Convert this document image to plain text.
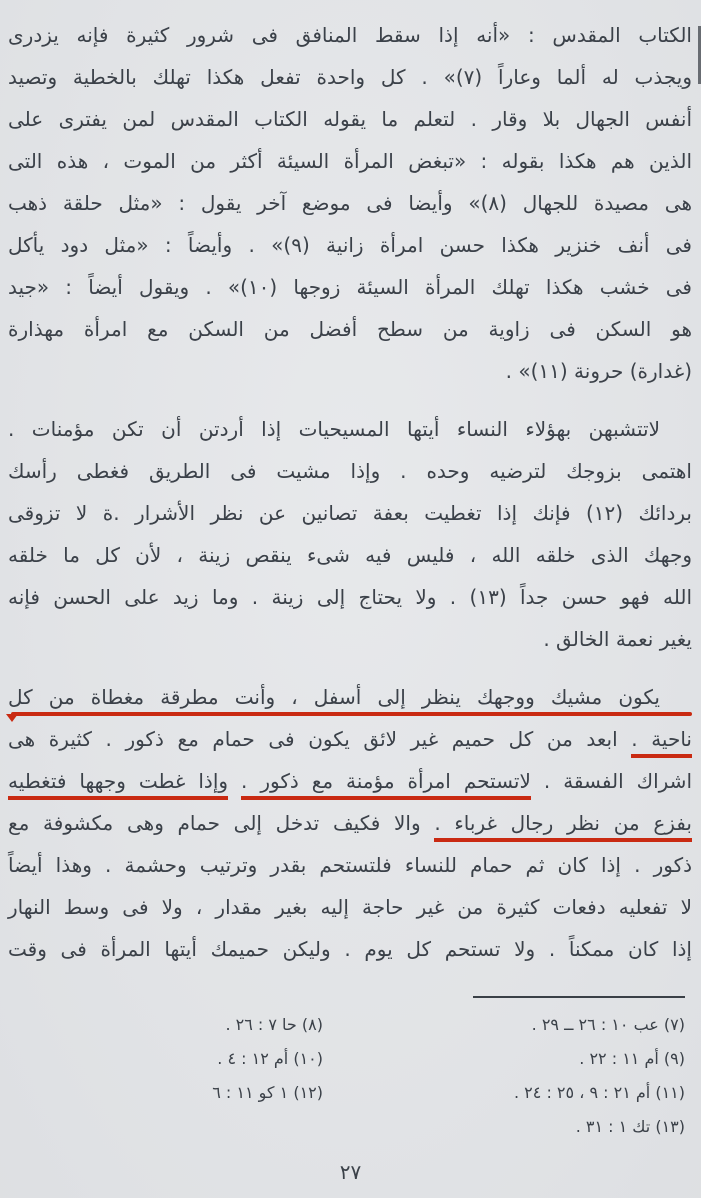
الكتاب المقدس : «أنه إذا سقط المنافق فى شرور كثيرة فإنه يزدرى
ويجذب له ألما وعاراً (٧)» . كل واحدة تفعل هكذا تهلك بالخطية وتصيد
أنفس الجهال بلا وقار . لتعلم ما يقوله الكتاب المقدس لمن يفترى على
الذين هم هكذا بقوله : «تبغض المرأة السيئة أكثر من الموت ، هذه التى
هى مصيدة للجهال (٨)» وأيضا فى موضع آخر يقول : «مثل حلقة ذهب
فى أنف خنزير هكذا حسن امرأة زانية (٩)» . وأيضاً : «مثل دود يأكل
فى خشب هكذا تهلك المرأة السيئة زوجها (١٠)» . ويقول أيضاً : «جيد
هو السكن فى زاوية من سطح أفضل من السكن مع امرأة مهذارة
(غدارة) حرونة (١١)» .
لاتتشبهن بهؤلاء النساء أيتها المسيحيات إذا أردتن أن تكن مؤمنات .
اهتمى بزوجك لترضيه وحده . وإذا مشيت فى الطريق فغطى رأسك
بردائك (١٢) فإنك إذا تغطيت بعفة تصانين عن نظر الأشرار .ة لا تزوقى
وجهك الذى خلقه الله ، فليس فيه شىء ينقص زينة ، لأن كل ما خلقه
الله فهو حسن جداً (١٣) . ولا يحتاج إلى زينة . وما زيد على الحسن فإنه
يغير نعمة الخالق .
يكون مشيك ووجهك ينظر إلى أسفل ، وأنت مطرقة مغطاة من كل
ناحية . ابعد من كل حميم غير لائق يكون فى حمام مع ذكور . كثيرة هى
اشراك الفسقة . لاتستحم امرأة مؤمنة مع ذكور . وإذا غطت وجهها فتغطيه
بفزع من نظر رجال غرباء . والا فكيف تدخل إلى حمام وهى مكشوفة مع
ذكور . إذا كان ثم حمام للنساء فلتستحم بقدر وترتيب وحشمة . وهذا أيضاً
لا تفعليه دفعات كثيرة من غير حاجة إليه بغير مقدار ، ولا فى وسط النهار
إذا كان ممكناً . ولا تستحم كل يوم . وليكن حميمك أيتها المرأة فى وقت
(٧) عب ١٠ : ٢٦ ــ ٢٩ .
(٨) حا ٧ : ٢٦ .
(٩) أم ١١ : ٢٢ .
(١٠) أم ١٢ : ٤ .
(١١) أم ٢١ : ٩ ، ٢٥ : ٢٤ .
(١٢) ١ كو ١١ : ٦
(١٣) تك ١ : ٣١ .
٢٧
